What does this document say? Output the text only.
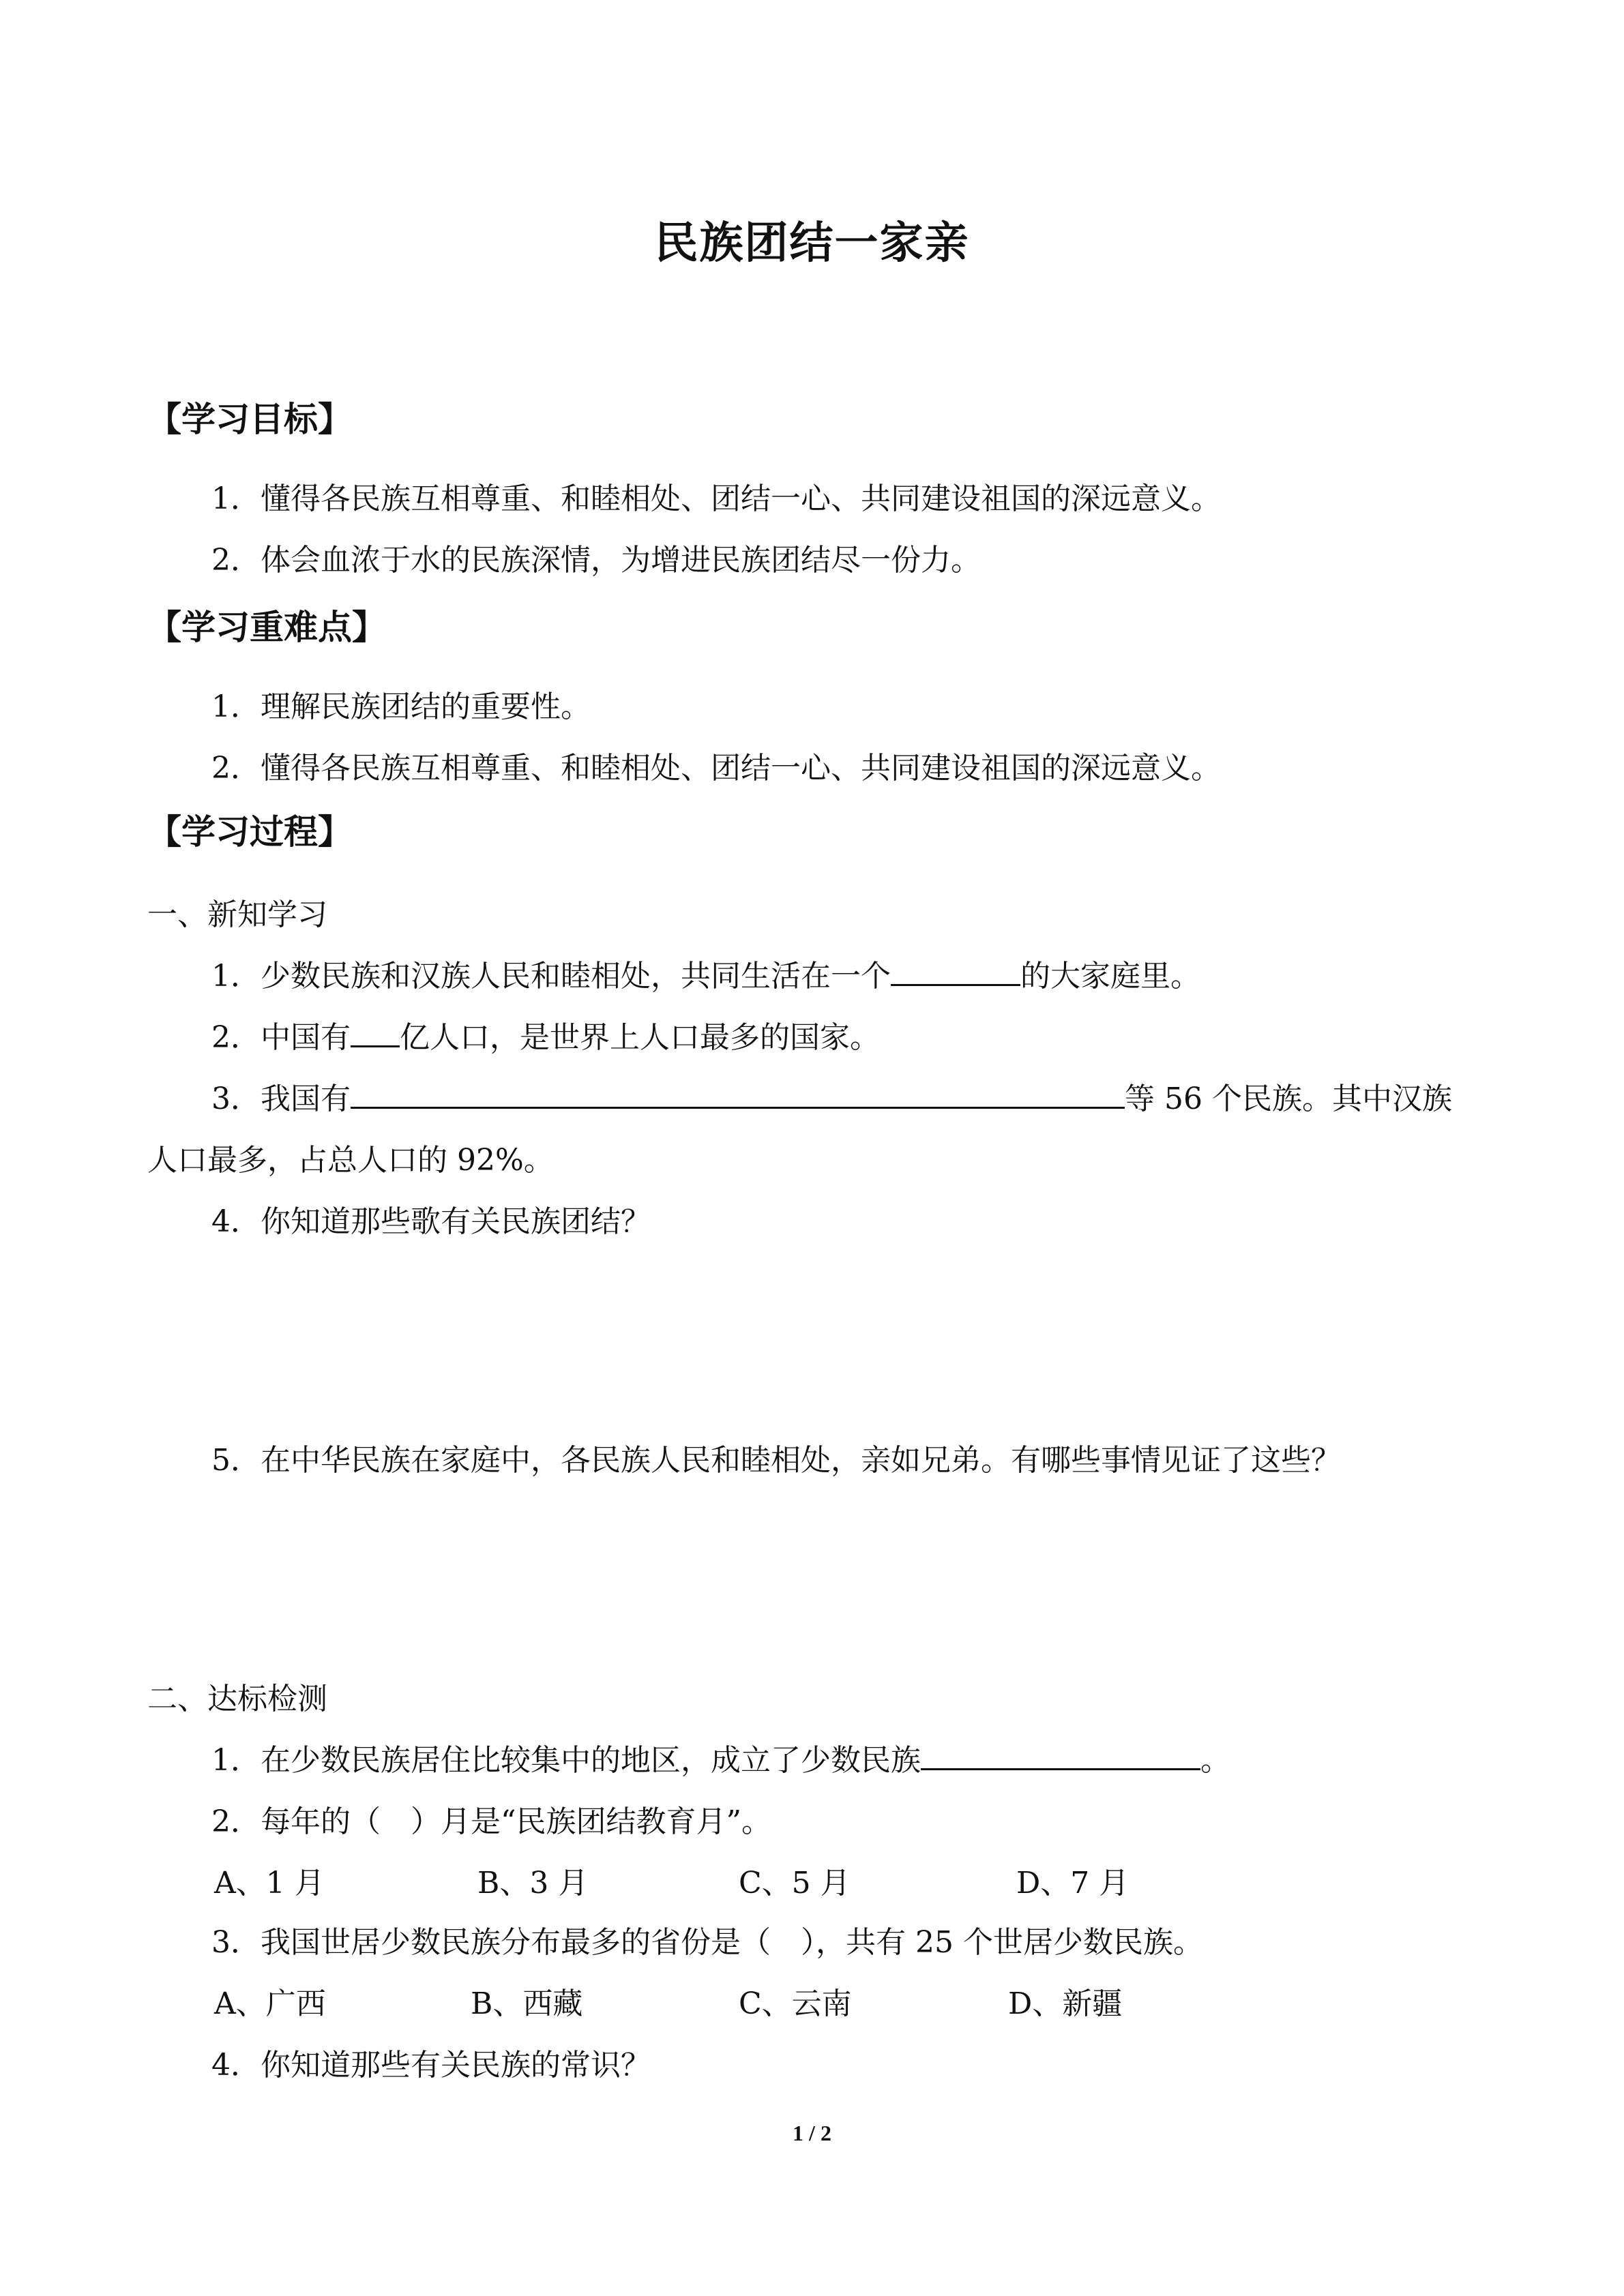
民族团结一家亲
【学习目标】
1．懂得各民族互相尊重、和睦相处、团结一心、共同建设祖国的深远意义。
2．体会血浓于水的民族深情，为增进民族团结尽一份力。
【学习重难点】
1．理解民族团结的重要性。
2．懂得各民族互相尊重、和睦相处、团结一心、共同建设祖国的深远意义。
【学习过程】
一、新知学习
1．少数民族和汉族人民和睦相处，共同生活在一个	的大家庭里。
2．中国有 亿人口，是世界上人口最多的国家。
3．我国有	等 56 个民族。其中汉族
人口最多，占总人口的 92%。
4．你知道那些歌有关民族团结？
5．在中华民族在家庭中，各民族人民和睦相处，亲如兄弟。有哪些事情见证了这些？
二、达标检测
1．在少数民族居住比较集中的地区，成立了少数民族	。
2．每年的（　）月是“民族团结教育月”。
A、1 月	B、3 月	C、5 月	D、7 月
3．我国世居少数民族分布最多的省份是（　），共有 25 个世居少数民族。
A、广西	B、西藏	C、云南	D、新疆
4．你知道那些有关民族的常识？
1 / 2
